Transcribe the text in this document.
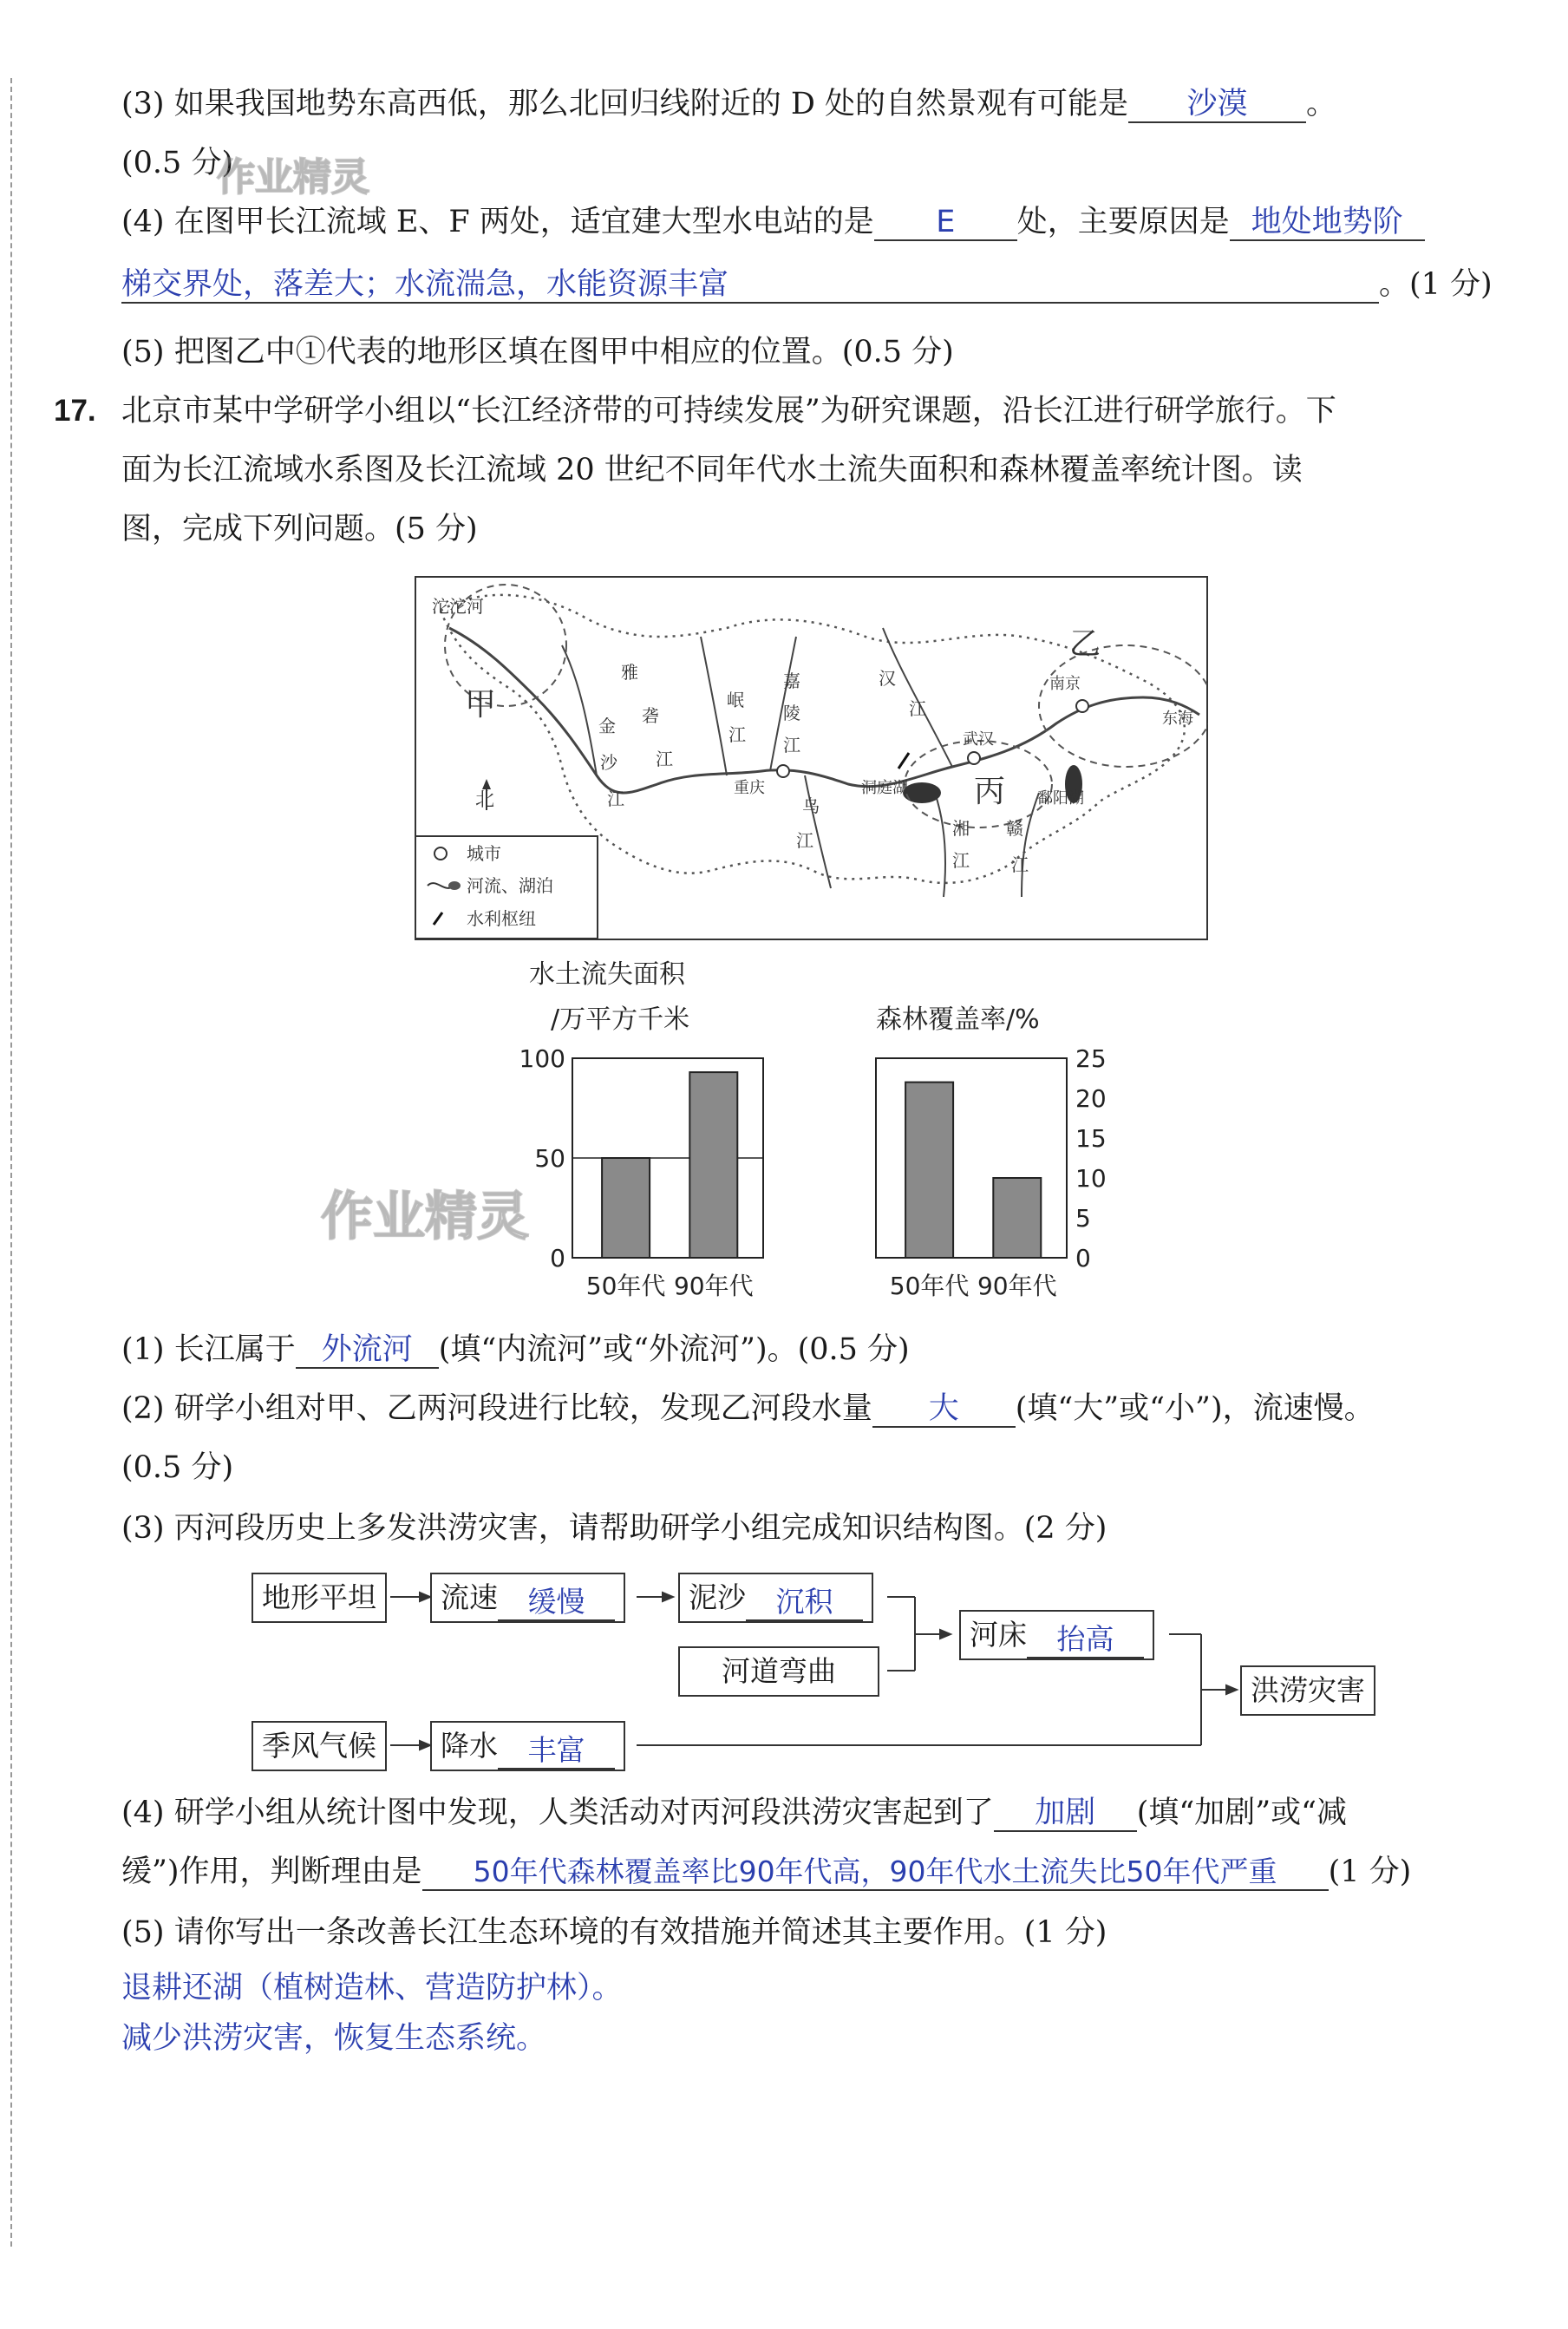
(3) 如果我国地势东高西低，那么北回归线附近的 D 处的自然景观有可能是 沙漠 。
(0.5 分)
(4) 在图甲长江流域 E、F 两处，适宜建大型水电站的是 E 处，主要原因是 地处地势阶
梯交界处，落差大；水流湍急，水能资源丰富	。(1 分)
(5) 把图乙中①代表的地形区填在图甲中相应的位置。(0.5 分)
17. 北京市某中学研学小组以“长江经济带的可持续发展”为研究课题，沿长江进行研学旅行。下
面为长江流域水系图及长江流域 20 世纪不同年代水土流失面积和森林覆盖率统计图。读
图，完成下列问题。(5 分)
沱沱河
甲
乙
丙
北
雅
砻
江
金
沙
江
岷
江
嘉
陵
江
汉
江
乌
江
湘
江
赣
江
重庆
武汉
南京
东海
洞庭湖
鄱阳湖
城市
河流、湖泊
水利枢纽
水土流失面积
/万平方千米
100
50
0
50年代 90年代
森林覆盖率/%
25
20
15
10
5
0
50年代 90年代
作业精灵
作业精灵
(1) 长江属于 外流河 (填“内流河”或“外流河”)。(0.5 分)
(2) 研学小组对甲、乙两河段进行比较，发现乙河段水量 大 (填“大”或“小”)，流速慢。
(0.5 分)
(3) 丙河段历史上多发洪涝灾害，请帮助研学小组完成知识结构图。(2 分)
地形平坦	流速 缓慢	泥沙 沉积
河道弯曲
河床 抬高
洪涝灾害
季风气候	降水 丰富
(4) 研学小组从统计图中发现，人类活动对丙河段洪涝灾害起到了 加剧 (填“加剧”或“减
缓”)作用，判断理由是 50年代森林覆盖率比90年代高，90年代水土流失比50年代严重 (1 分)
(5) 请你写出一条改善长江生态环境的有效措施并简述其主要作用。(1 分)
退耕还湖（植树造林、营造防护林）。
减少洪涝灾害，恢复生态系统。
